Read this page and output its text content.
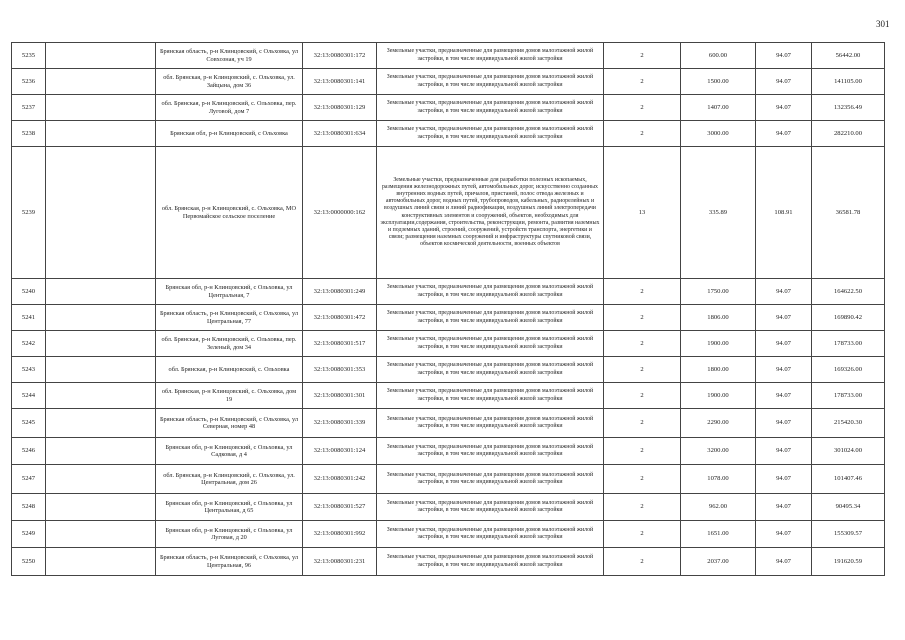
301
5235		Брянская область, р-н Клинцовский, с Ольховка, ул Совхозная, уч 19	32:13:0080301:172	Земельные участки, предназначенные для размещения домов малоэтажной жилой застройки, в том числе индивидуальной жилой застройки	2	600.00	94.07	56442.00
5236		обл. Брянская, р-н Клинцовский, с. Ольховка, ул. Зайцына, дом 36	32:13:0080301:141	Земельные участки, предназначенные для размещения домов малоэтажной жилой застройки, в том числе индивидуальной жилой застройки	2	1500.00	94.07	141105.00
5237		обл. Брянская, р-н Клинцовский, с. Ольховка, пер. Луговой, дом 7	32:13:0080301:129	Земельные участки, предназначенные для размещения домов малоэтажной жилой застройки, в том числе индивидуальной жилой застройки	2	1407.00	94.07	132356.49
5238		Брянская обл, р-н Клинцовский, с Ольховка	32:13:0080301:634	Земельные участки, предназначенные для размещения домов малоэтажной жилой застройки, в том числе индивидуальной жилой застройки	2	3000.00	94.07	282210.00
5239		обл. Брянская, р-н Клинцовский, с. Ольховка, МО Первомайское сельское поселение	32:13:0000000:162	Земельные участки, предназначенные для разработки полезных ископаемых, размещения железнодорожных путей, автомобильных дорог, искусственно созданных внутренних водных путей, причалов, пристаней, полос отвода железных и автомобильных дорог, водных путей, трубопроводов, кабельных, радиорелейных и воздушных линий связи и линий радиофикации, воздушных линий электропередачи конструктивных элементов и сооружений, объектов, необходимых для эксплуатации,содержания, строительства, реконструкции, ремонта, развития наземных и подземных зданий, строений, сооружений, устройств транспорта, энергетики и связи; размещения наземных сооружений и инфраструктуры спутниковой связи, объектов космической деятельности, военных объектов	13	335.89	108.91	36581.78
5240		Брянская обл, р-н Клинцовский, с Ольховка, ул Центральная, 7	32:13:0080301:249	Земельные участки, предназначенные для размещения домов малоэтажной жилой застройки, в том числе индивидуальной жилой застройки	2	1750.00	94.07	164622.50
5241		Брянская область, р-н Клинцовский, с Ольховка, ул Центральная, 77	32:13:0080301:472	Земельные участки, предназначенные для размещения домов малоэтажной жилой застройки, в том числе индивидуальной жилой застройки	2	1806.00	94.07	169890.42
5242		обл. Брянская, р-н Клинцовский, с. Ольховка, пер. Зеленый, дом 34	32:13:0080301:517	Земельные участки, предназначенные для размещения домов малоэтажной жилой застройки, в том числе индивидуальной жилой застройки	2	1900.00	94.07	178733.00
5243		обл. Брянская, р-н Клинцовский, с. Ольховка	32:13:0080301:353	Земельные участки, предназначенные для размещения домов малоэтажной жилой застройки, в том числе индивидуальной жилой застройки	2	1800.00	94.07	169326.00
5244		обл. Брянская, р-н Клинцовский, с. Ольховка, дом 19	32:13:0080301:301	Земельные участки, предназначенные для размещения домов малоэтажной жилой застройки, в том числе индивидуальной жилой застройки	2	1900.00	94.07	178733.00
5245		Брянская область, р-н Клинцовский, с Ольховка, ул Северная, номер 48	32:13:0080301:339	Земельные участки, предназначенные для размещения домов малоэтажной жилой застройки, в том числе индивидуальной жилой застройки	2	2290.00	94.07	215420.30
5246		Брянская обл, р-н Клинцовский, с Ольховка, ул Садковая, д 4	32:13:0080301:124	Земельные участки, предназначенные для размещения домов малоэтажной жилой застройки, в том числе индивидуальной жилой застройки	2	3200.00	94.07	301024.00
5247		обл. Брянская, р-н Клинцовский, с. Ольховка, ул. Центральная, дом 26	32:13:0080301:242	Земельные участки, предназначенные для размещения домов малоэтажной жилой застройки, в том числе индивидуальной жилой застройки	2	1078.00	94.07	101407.46
5248		Брянская обл, р-н Клинцовский, с Ольховка, ул Центральная, д 65	32:13:0080301:527	Земельные участки, предназначенные для размещения домов малоэтажной жилой застройки, в том числе индивидуальной жилой застройки	2	962.00	94.07	90495.34
5249		Брянская обл, р-н Клинцовский, с Ольховка, ул Луговая, д 20	32:13:0080301:992	Земельные участки, предназначенные для размещения домов малоэтажной жилой застройки, в том числе индивидуальной жилой застройки	2	1651.00	94.07	155309.57
5250		Брянская область, р-н Клинцовский, с Ольховка, ул Центральная, 96	32:13:0080301:231	Земельные участки, предназначенные для размещения домов малоэтажной жилой застройки, в том числе индивидуальной жилой застройки	2	2037.00	94.07	191620.59
